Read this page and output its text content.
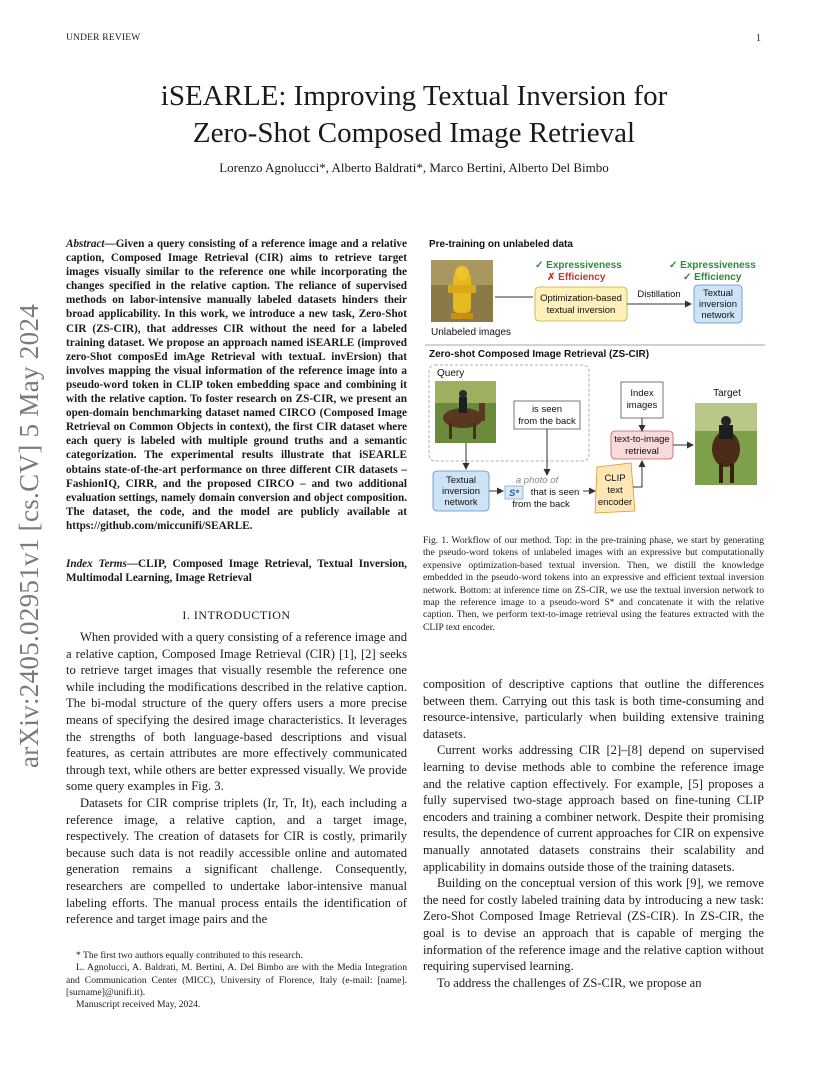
UNDER REVIEW	1
arXiv:2405.02951v1 [cs.CV] 5 May 2024
iSEARLE: Improving Textual Inversion for
Zero-Shot Composed Image Retrieval
Lorenzo Agnolucci*, Alberto Baldrati*, Marco Bertini, Alberto Del Bimbo
Abstract—Given a query consisting of a reference image and a relative caption, Composed Image Retrieval (CIR) aims to retrieve target images visually similar to the reference one while incorporating the changes specified in the relative caption. The reliance of supervised methods on labor-intensive manually labeled datasets hinders their broad applicability. In this work, we introduce a new task, Zero-Shot CIR (ZS-CIR), that addresses CIR without the need for a labeled training dataset. We propose an approach named iSEARLE (improved zero-Shot composEd imAge Retrieval with textuaL invErsion) that involves mapping the visual information of the reference image into a pseudo-word token in CLIP token embedding space and combining it with the relative caption. To foster research on ZS-CIR, we present an open-domain benchmarking dataset named CIRCO (Composed Image Retrieval on Common Objects in context), the first CIR dataset where each query is labeled with multiple ground truths and a semantic categorization. The experimental results illustrate that iSEARLE obtains state-of-the-art performance on three different CIR datasets – FashionIQ, CIRR, and the proposed CIRCO – and two additional evaluation settings, namely domain conversion and object composition. The dataset, the code, and the model are publicly available at https://github.com/miccunifi/SEARLE.
Index Terms—CLIP, Composed Image Retrieval, Textual Inversion, Multimodal Learning, Image Retrieval
I. INTRODUCTION

When provided with a query consisting of a reference image and a relative caption, Composed Image Retrieval (CIR) [1], [2] seeks to retrieve target images that visually resemble the reference one while including the modifications described in the relative caption. The bi-modal structure of the query offers users a more precise means of specifying the desired image characteristics. It leverages the strengths of both language-based descriptions and visual features, as certain attributes are more effectively communicated through text, while others are better expressed visually. We provide some query examples in Fig. 3.

Datasets for CIR comprise triplets (Ir, Tr, It), each including a reference image, a relative caption, and a target image, respectively. The creation of datasets for CIR is costly, primarily because such data is not readily accessible online and automated generation remains a significant challenge. Consequently, researchers are compelled to undertake labor-intensive manual labeling efforts. The manual process entails the identification of reference and target image pairs and the

* The first two authors equally contributed to this research.

L. Agnolucci, A. Baldrati, M. Bertini, A. Del Bimbo are with the Media Integration and Communication Center (MICC), University of Florence, Italy (e-mail: [name].[surname]@unifi.it).

Manuscript received May, 2024.

Pre-training on unlabeled data
Unlabeled images
✓ Expressiveness
✗ Efficiency
Optimization-based
textual inversion
Distillation
✓ Expressiveness
✓ Efficiency
Textual
inversion
network
Zero-shot Composed Image Retrieval (ZS-CIR)
Query
is seen
from the back
Index
images
Target
text-to-image
retrieval
Textual
inversion
network
a photo of
S* that is seen
from the back
CLIP
text
encoder
Fig. 1. Workflow of our method. Top: in the pre-training phase, we start by generating the pseudo-word tokens of unlabeled images with an expressive but computationally expensive optimization-based textual inversion. Then, we distill the knowledge embedded in the pseudo-word tokens into an expressive and efficient textual inversion network. Bottom: at inference time on ZS-CIR, we use the textual inversion network to map the reference image to a pseudo-word S* and concatenate it with the relative caption. Then, we perform text-to-image retrieval using the features extracted with the CLIP text encoder.

composition of descriptive captions that outline the differences between them. Carrying out this task is both time-consuming and resource-intensive, particularly when building extensive training datasets.

Current works addressing CIR [2]–[8] depend on supervised learning to devise methods able to combine the reference image and the relative caption effectively. For example, [5] proposes a fully supervised two-stage approach based on fine-tuning CLIP encoders and training a combiner network. Despite their promising results, the dependence of current approaches for CIR on expensive manually annotated datasets constrains their scalability and applicability in domains outside those of the training datasets.

Building on the conceptual version of this work [9], we remove the need for costly labeled training data by introducing a new task: Zero-Shot Composed Image Retrieval (ZS-CIR). In ZS-CIR, the goal is to devise an approach that is capable of merging the information of the reference image and the relative caption without requiring supervised learning.

To address the challenges of ZS-CIR, we propose an
